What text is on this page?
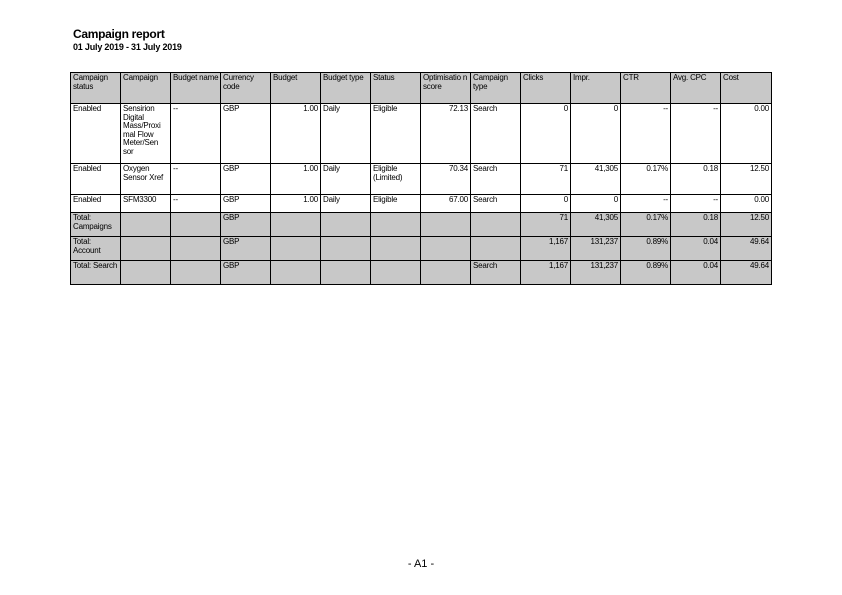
Campaign report
01 July 2019 - 31 July 2019
Campaign status	Campaign	Budget name	Currency code	Budget	Budget type	Status	Optimisatio n score	Campaign type	Clicks	Impr.	CTR	Avg. CPC	Cost
Enabled	Sensirion Digital Mass/Proxi mal Flow Meter/Sen sor	--	GBP	1.00	Daily	Eligible	72.13	Search	0	0	--	--	0.00
Enabled	Oxygen Sensor Xref	--	GBP	1.00	Daily	Eligible (Limited)	70.34	Search	71	41,305	0.17%	0.18	12.50
Enabled	SFM3300	--	GBP	1.00	Daily	Eligible	67.00	Search	0	0	--	--	0.00
Total: Campaigns			GBP						71	41,305	0.17%	0.18	12.50
Total: Account			GBP						1,167	131,237	0.89%	0.04	49.64
Total: Search			GBP					Search	1,167	131,237	0.89%	0.04	49.64
- A1 -
